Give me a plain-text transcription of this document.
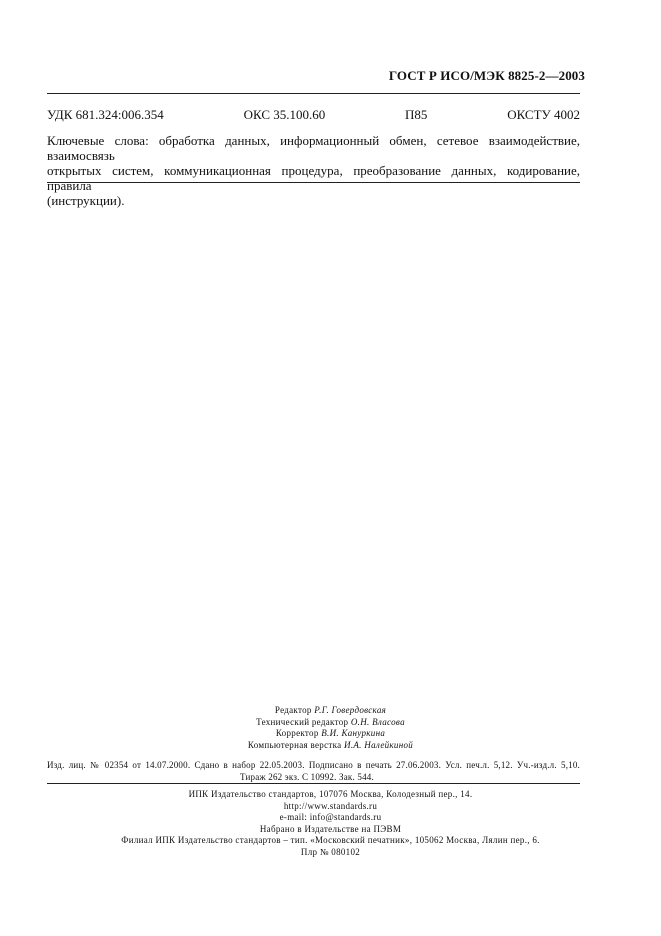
ГОСТ Р ИСО/МЭК 8825-2—2003
УДК 681.324:006.354	ОКС 35.100.60	П85	ОКСТУ 4002
Ключевые слова: обработка данных, информационный обмен, сетевое взаимодействие, взаимосвязь
открытых систем, коммуникационная процедура, преобразование данных, кодирование, правила
(инструкции).
Редактор Р.Г. Говердовская
Технический редактор О.Н. Власова
Корректор В.И. Кануркина
Компьютерная верстка И.А. Налейкиной
Изд. лиц. № 02354 от 14.07.2000. Сдано в набор 22.05.2003. Подписано в печать 27.06.2003. Усл. печ.л. 5,12. Уч.-изд.л. 5,10.
Тираж 262 экз. С 10992. Зак. 544.
ИПК Издательство стандартов, 107076 Москва, Колодезный пер., 14.
http://www.standards.ru
e-mail: info@standards.ru
Набрано в Издательстве на ПЭВМ
Филиал ИПК Издательство стандартов – тип. «Московский печатник», 105062 Москва, Лялин пер., 6.
Плр № 080102
